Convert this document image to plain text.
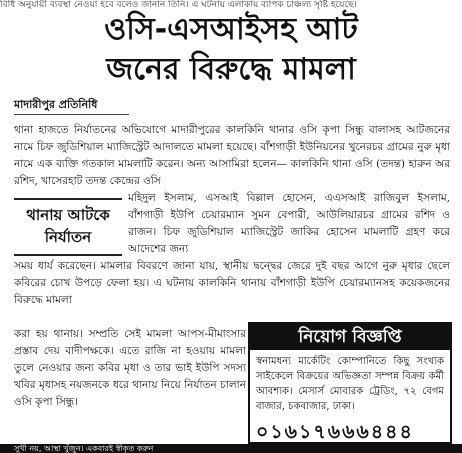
বিধি অনুযায়ী ব্যবস্থা নেওয়া হবে বলেও জানান তিনি। এ ঘটনায় এলাকায় ব্যাপক চাঞ্চল্য সৃষ্টি হয়েছে।
ওসি-এসআইসহ আট
জনের বিরুদ্ধে মামলা
মাদারীপুর প্রতিনিধি
থানা হাজতে নির্যাতনের অভিযোগে মাদারীপুরের কালকিনি থানার ওসি কৃপা সিন্ধু বালাসহ আটজনের নামে চিফ জুডিশিয়াল ম্যাজিস্ট্রেট আদালতে মামলা হয়েছে। বাঁশগাড়ী ইউনিয়নের খুনেরচর গ্রামের নুরু মৃধা নামে এক ব্যক্তি গতকাল মামলাটি করেন। অন্য আসামিরা হলেন— কালকিনি থানা ওসি (তদন্ত) হারুন অর রশিদ, খাসেরহাট তদন্ত কেন্দ্রের ওসি
থানায় আটকে
নির্যাতন
মহিদুল ইসলাম, এসআই বিল্লাল হোসেন, এএসআই রাজিবুল ইসলাম, বাঁশগাড়ী ইউপি চেয়ারম্যান সুমন বেপারী, আউলিয়ারচর গ্রামের রশিদ ও রাজন। চিফ জুডিশিয়াল ম্যাজিস্ট্রেট জাকির হোসেন মামলাটি গ্রহণ করে আদেশের জন্য
সময় ধার্য করেছেন। মামলার বিবরণে জানা যায়, স্থানীয় দ্বন্দ্বের জেরে দুই বছর আগে নুরু মৃধার ছেলে কবিরের চোখ উপড়ে ফেলা হয়। এ ঘটনায় কালকিনি থানায় বাঁশগাড়ী ইউপি চেয়ারম্যানসহ কয়েকজনের বিরুদ্ধে মামলা
করা হয় থানায়। সম্প্রতি সেই মামলা আপস-মীমাংসার প্রস্তাব দেয় বাদীপক্ষকে। এতে রাজি না হওয়ায় মামলা তুলে নেওয়ার জন্য কবির মৃধা ও তার ভাই ইউপি সদস্য খবির মৃধাসহ নয়জনকে ধরে থানায় নিয়ে নির্যাতন চালান ওসি কৃপা সিন্ধু।
নিয়োগ বিজ্ঞপ্তি
স্বনামধন্য মার্কেটিং কোম্পানিতে কিছু সংখ্যক সাইকেলে বিক্রয়ের অভিজ্ঞতা সম্পন্ন বিক্রয় কর্মী আবশ্যক। মেসার্স মোবারক ট্রেডিং, ৭২ বেগম বাজার, চকবাজার, ঢাকা।
০১৬১৭৬৬৬৪৪৪
সুখী নয়, আস্থা খুঁজুন। একবারই স্বীকৃত করুন
